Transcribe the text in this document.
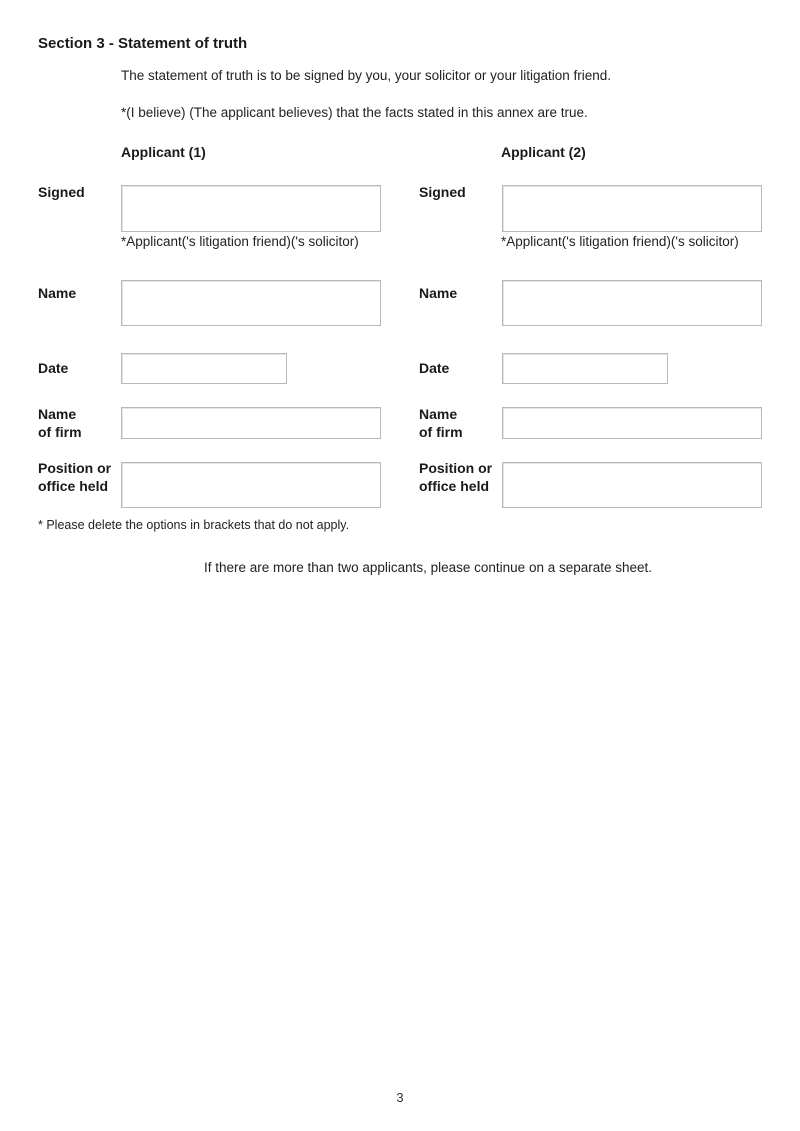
Section 3 - Statement of truth
The statement of truth is to be signed by you, your solicitor or your litigation friend.
*(I believe) (The applicant believes) that the facts stated in this annex are true.
Applicant (1)
Signed
*Applicant('s litigation friend)('s solicitor)
Name
Date
Name
of firm
Position or
office held
Applicant (2)
Signed
*Applicant('s litigation friend)('s solicitor)
Name
Date
Name
of firm
Position or
office held
* Please delete the options in brackets that do not apply.
If there are more than two applicants, please continue on a separate sheet.
3
